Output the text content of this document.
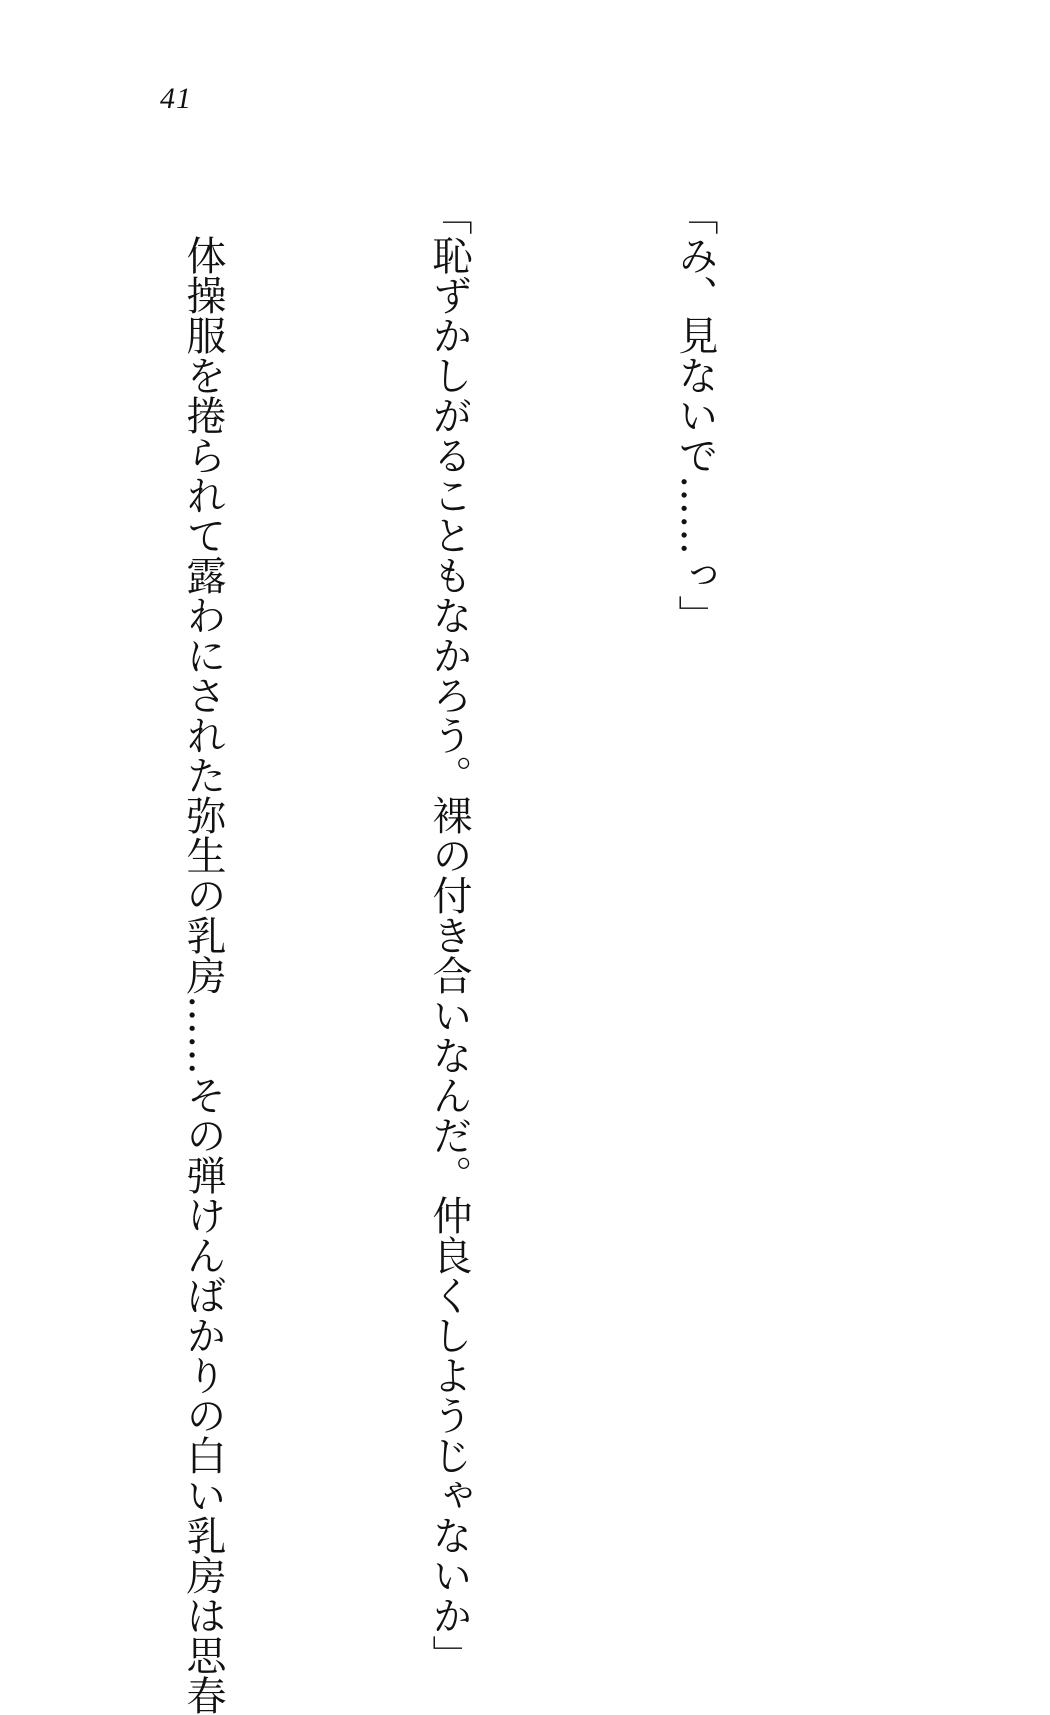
41

「み、見ないで……っ」

「恥ずかしがることもなかろう。裸の付き合いなんだ。仲良くしようじゃないか」

　体操服を捲られて露わにされた弥生の乳房……その弾けんばかりの白い乳房は思春
